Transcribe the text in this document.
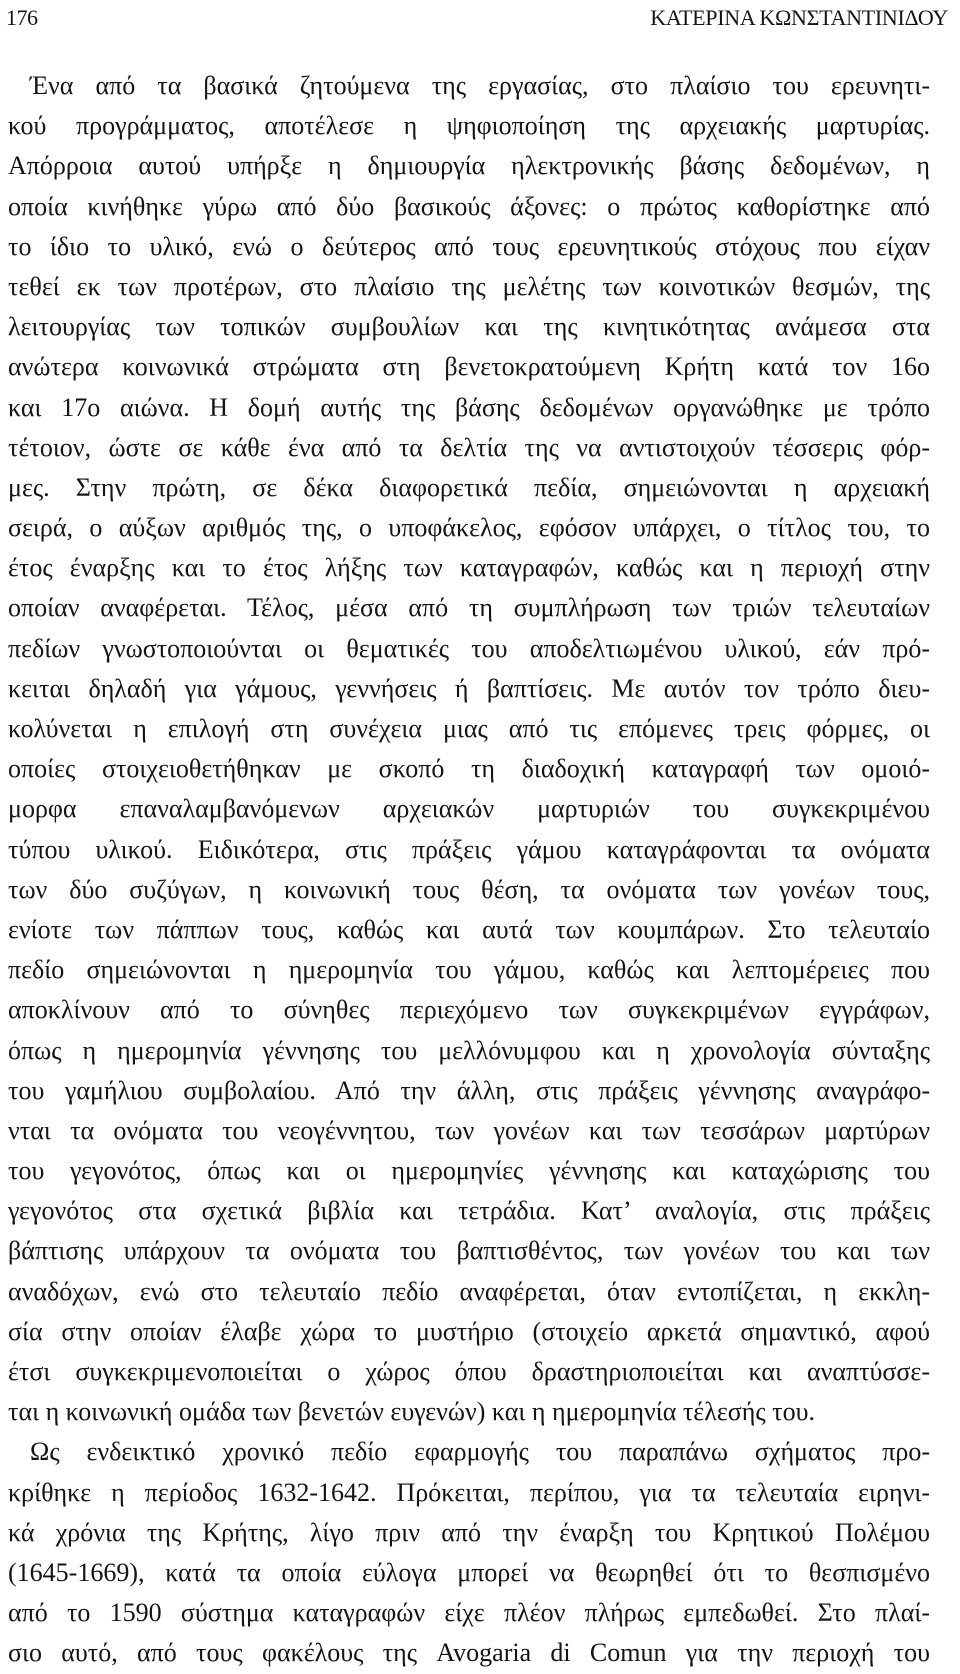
176	ΚΑΤΕΡΙΝΑ ΚΩΝΣΤΑΝΤΙΝΙΔΟΥ
Ένα από τα βασικά ζητούμενα της εργασίας, στο πλαίσιο του ερευνητι-
κού προγράμματος, αποτέλεσε η ψηφιοποίηση της αρχειακής μαρτυρίας.
Απόρροια αυτού υπήρξε η δημιουργία ηλεκτρονικής βάσης δεδομένων, η
οποία κινήθηκε γύρω από δύο βασικούς άξονες: ο πρώτος καθορίστηκε από
το ίδιο το υλικό, ενώ ο δεύτερος από τους ερευνητικούς στόχους που είχαν
τεθεί εκ των προτέρων, στο πλαίσιο της μελέτης των κοινοτικών θεσμών, της
λειτουργίας των τοπικών συμβουλίων και της κινητικότητας ανάμεσα στα
ανώτερα κοινωνικά στρώματα στη βενετοκρατούμενη Κρήτη κατά τον 16ο
και 17ο αιώνα. Η δομή αυτής της βάσης δεδομένων οργανώθηκε με τρόπο
τέτοιον, ώστε σε κάθε ένα από τα δελτία της να αντιστοιχούν τέσσερις φόρ-
μες. Στην πρώτη, σε δέκα διαφορετικά πεδία, σημειώνονται η αρχειακή
σειρά, ο αύξων αριθμός της, ο υποφάκελος, εφόσον υπάρχει, ο τίτλος του, το
έτος έναρξης και το έτος λήξης των καταγραφών, καθώς και η περιοχή στην
οποίαν αναφέρεται. Τέλος, μέσα από τη συμπλήρωση των τριών τελευταίων
πεδίων γνωστοποιούνται οι θεματικές του αποδελτιωμένου υλικού, εάν πρό-
κειται δηλαδή για γάμους, γεννήσεις ή βαπτίσεις. Με αυτόν τον τρόπο διευ-
κολύνεται η επιλογή στη συνέχεια μιας από τις επόμενες τρεις φόρμες, οι
οποίες στοιχειοθετήθηκαν με σκοπό τη διαδοχική καταγραφή των ομοιό-
μορφα επαναλαμβανόμενων αρχειακών μαρτυριών του συγκεκριμένου
τύπου υλικού. Ειδικότερα, στις πράξεις γάμου καταγράφονται τα ονόματα
των δύο συζύγων, η κοινωνική τους θέση, τα ονόματα των γονέων τους,
ενίοτε των πάππων τους, καθώς και αυτά των κουμπάρων. Στο τελευταίο
πεδίο σημειώνονται η ημερομηνία του γάμου, καθώς και λεπτομέρειες που
αποκλίνουν από το σύνηθες περιεχόμενο των συγκεκριμένων εγγράφων,
όπως η ημερομηνία γέννησης του μελλόνυμφου και η χρονολογία σύνταξης
του γαμήλιου συμβολαίου. Από την άλλη, στις πράξεις γέννησης αναγράφο-
νται τα ονόματα του νεογέννητου, των γονέων και των τεσσάρων μαρτύρων
του γεγονότος, όπως και οι ημερομηνίες γέννησης και καταχώρισης του
γεγονότος στα σχετικά βιβλία και τετράδια. Κατ’ αναλογία, στις πράξεις
βάπτισης υπάρχουν τα ονόματα του βαπτισθέντος, των γονέων του και των
αναδόχων, ενώ στο τελευταίο πεδίο αναφέρεται, όταν εντοπίζεται, η εκκλη-
σία στην οποίαν έλαβε χώρα το μυστήριο (στοιχείο αρκετά σημαντικό, αφού
έτσι συγκεκριμενοποιείται ο χώρος όπου δραστηριοποιείται και αναπτύσσε-
ται η κοινωνική ομάδα των βενετών ευγενών) και η ημερομηνία τέλεσής του.
Ως ενδεικτικό χρονικό πεδίο εφαρμογής του παραπάνω σχήματος προ-
κρίθηκε η περίοδος 1632-1642. Πρόκειται, περίπου, για τα τελευταία ειρηνι-
κά χρόνια της Κρήτης, λίγο πριν από την έναρξη του Κρητικού Πολέμου
(1645-1669), κατά τα οποία εύλογα μπορεί να θεωρηθεί ότι το θεσπισμένο
από το 1590 σύστημα καταγραφών είχε πλέον πλήρως εμπεδωθεί. Στο πλαί-
σιο αυτό, από τους φακέλους της Avogaria di Comun για την περιοχή του
